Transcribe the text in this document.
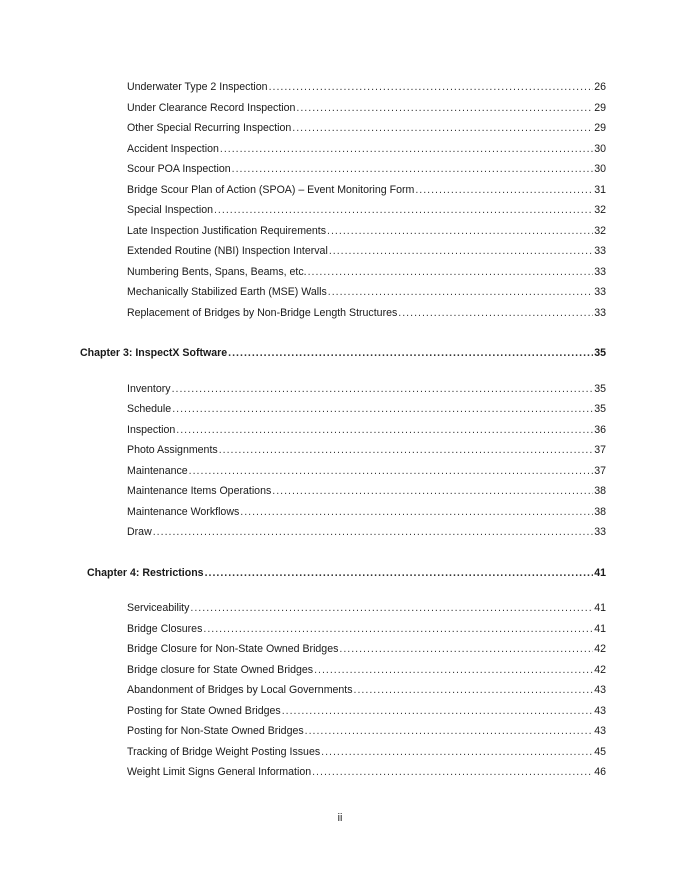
Underwater Type 2 Inspection .....	26
Under Clearance Record Inspection .....	29
Other Special Recurring Inspection .....	29
Accident Inspection .....	30
Scour POA Inspection .....	30
Bridge Scour Plan of Action (SPOA) – Event Monitoring Form .....	31
Special Inspection .....	32
Late Inspection Justification Requirements .....	32
Extended Routine (NBI) Inspection Interval .....	33
Numbering Bents, Spans, Beams, etc. .....	33
Mechanically Stabilized Earth (MSE) Walls .....	33
Replacement of Bridges by Non-Bridge Length Structures .....	33
Chapter 3: InspectX Software .....	35
Inventory .....	35
Schedule .....	35
Inspection .....	36
Photo Assignments .....	37
Maintenance .....	37
Maintenance Items Operations .....	38
Maintenance Workflows .....	38
Draw .....	33
Chapter 4: Restrictions .....	41
Serviceability .....	41
Bridge Closures .....	41
Bridge Closure for Non-State Owned Bridges .....	42
Bridge closure for State Owned Bridges .....	42
Abandonment of Bridges by Local Governments .....	43
Posting for State Owned Bridges .....	43
Posting for Non-State Owned Bridges .....	43
Tracking of Bridge Weight Posting Issues .....	45
Weight Limit Signs General Information .....	46
ii
